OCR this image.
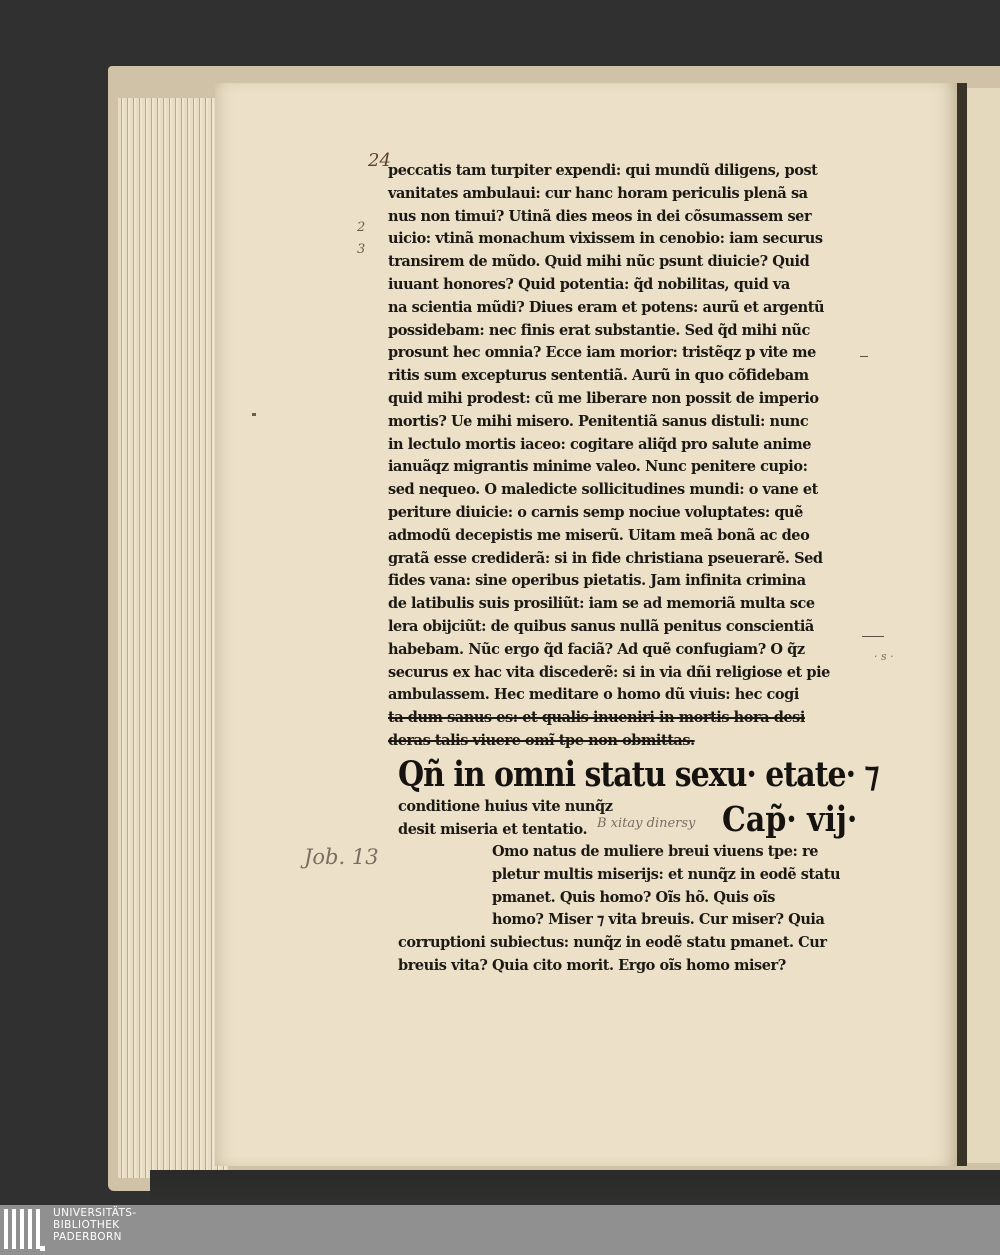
24
2
3
Job. 13
B xitay dinersy
· s ·
peccatis tam turpiter expendi: qui mundũ diligens, post
vanitates ambulaui: cur hanc horam periculis plenã sa
nus non timui? Utinã dies meos in dei cõsumassem ser
uicio: vtinã monachum vixissem in cenobio: iam securus
transirem de mũdo. Quid mihi nũc psunt diuicie? Quid
iuuant honores? Quid potentia: q̃d nobilitas, quid va
na scientia mũdi? Diues eram et potens: aurũ et argentũ
possidebam: nec finis erat substantie. Sed q̃d mihi nũc
prosunt hec omnia? Ecce iam morior: tristẽqz p vite me
ritis sum excepturus sententiã. Aurũ in quo cõfidebam
quid mihi prodest: cũ me liberare non possit de imperio
mortis? Ue mihi misero. Penitentiã sanus distuli: nunc
in lectulo mortis iaceo: cogitare aliq̃d pro salute anime
ianuãqz migrantis minime valeo. Nunc penitere cupio:
sed nequeo. O maledicte sollicitudines mundi: o vane et
periture diuicie: o carnis semp nociue voluptates: quẽ
admodũ decepistis me miserũ. Uitam meã bonã ac deo
gratã esse crediderã: si in fide christiana pseuerarẽ. Sed
fides vana: sine operibus pietatis. Jam infinita crimina
de latibulis suis prosiliũt: iam se ad memoriã multa sce
lera obijciũt: de quibus sanus nullã penitus conscientiã
habebam. Nũc ergo q̃d faciã? Ad quẽ confugiam? O q̃z
securus ex hac vita discederẽ: si in via dñi religiose et pie
ambulassem. Hec meditare o homo dũ viuis: hec cogi
ta dum sanus es: et qualis inueniri in mortis hora desi
deras talis viuere omĩ tpe non obmittas.
Qñ in omni statu sexu· etate· ⁊
conditione huius vite nunq̃z
desit miseria et tentatio.	Cap̃· vij·
Omo natus de muliere breui viuens tpe: re
pletur multis miserijs: et nunq̃z in eodẽ statu
pmanet. Quis homo? Oĩs hõ. Quis oĩs
homo? Miser ⁊ vita breuis. Cur miser? Quia
corruptioni subiectus: nunq̃z in eodẽ statu pmanet. Cur
breuis vita? Quia cito morit. Ergo oĩs homo miser?
UNIVERSITÄTS-
BIBLIOTHEK
PADERBORN
